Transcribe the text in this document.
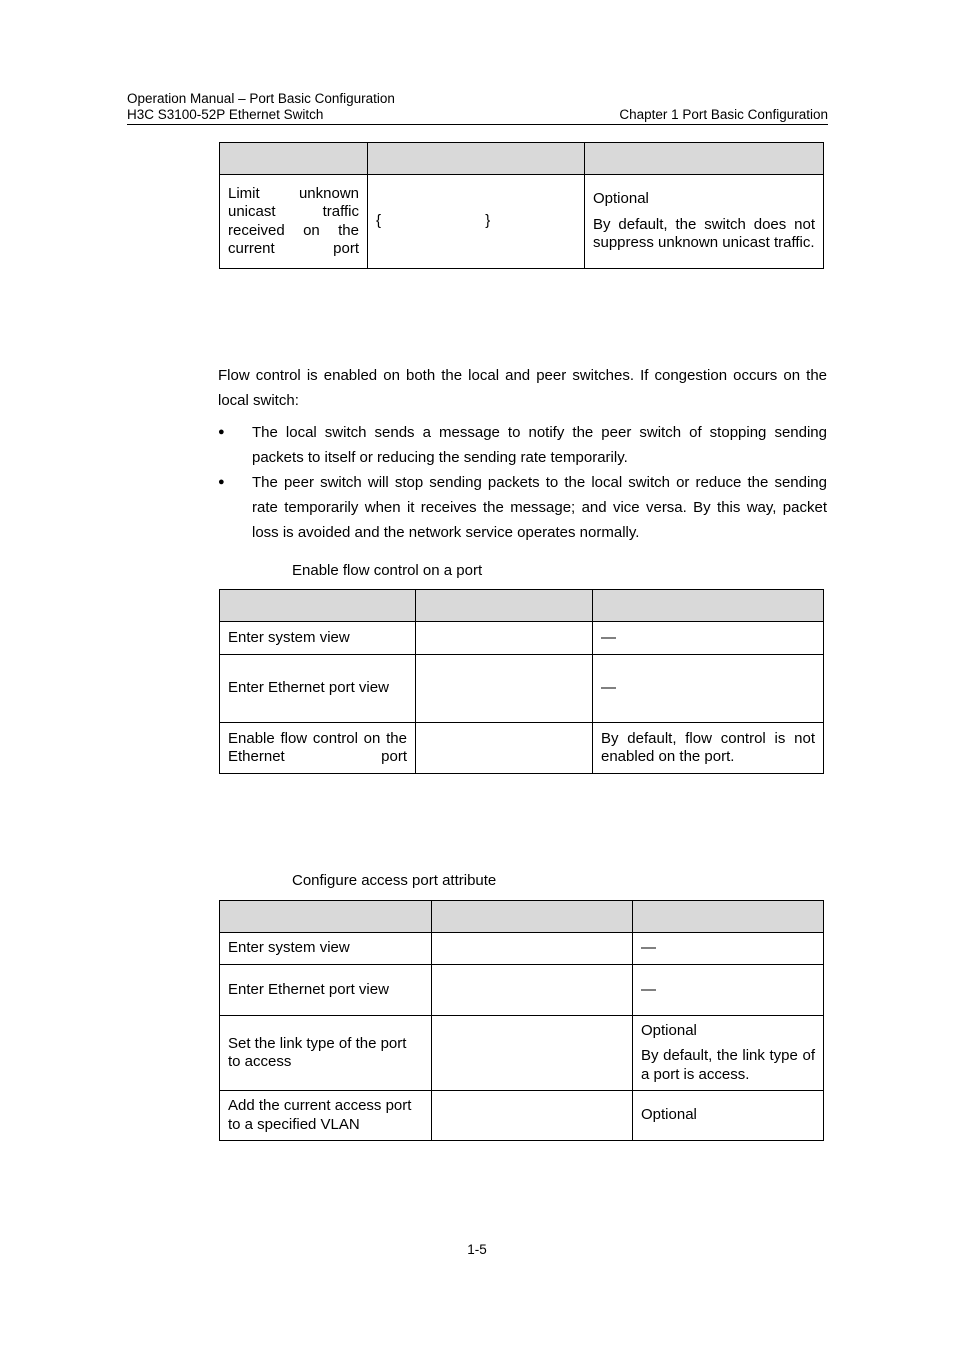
Operation Manual – Port Basic Configuration
H3C S3100-52P Ethernet Switch	Chapter 1 Port Basic Configuration

Limit unknown unicast traffic received on the current port	{                         }	Optional

By default, the switch does not suppress unknown unicast traffic.

Flow control is enabled on both the local and peer switches. If congestion occurs on the local switch:
● The local switch sends a message to notify the peer switch of stopping sending packets to itself or reducing the sending rate temporarily.
● The peer switch will stop sending packets to the local switch or reduce the sending rate temporarily when it receives the message; and vice versa. By this way, packet loss is avoided and the network service operates normally.
Enable flow control on a port

Enter system view		—
Enter Ethernet port view		—
Enable flow control on the Ethernet port		By default, flow control is not enabled on the port.
Configure access port attribute

Enter system view		—
Enter Ethernet port view		—
Set the link type of the port to access		Optional

By default, the link type of a port is access.

Add the current access port to a specified VLAN		Optional
1-5
